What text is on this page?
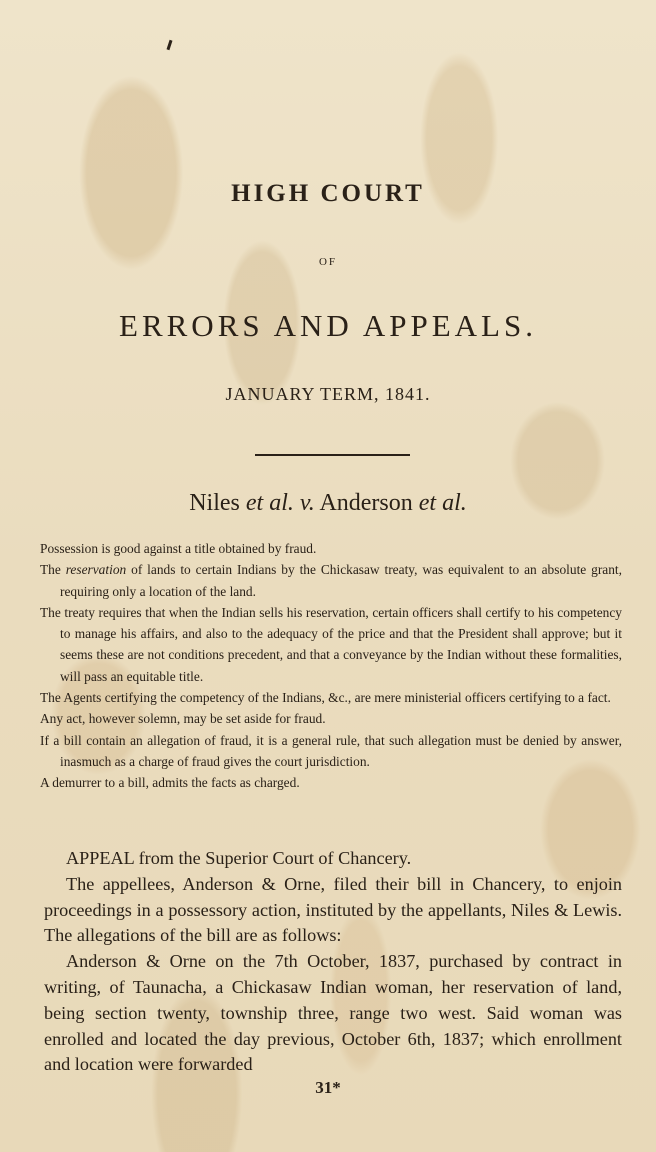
HIGH COURT
OF
ERRORS AND APPEALS.
JANUARY TERM, 1841.
Niles et al. v. Anderson et al.

Possession is good against a title obtained by fraud.

The reservation of lands to certain Indians by the Chickasaw treaty, was equivalent to an absolute grant, requiring only a location of the land.

The treaty requires that when the Indian sells his reservation, certain officers shall certify to his competency to manage his affairs, and also to the adequacy of the price and that the President shall approve; but it seems these are not conditions precedent, and that a conveyance by the Indian without these formalities, will pass an equitable title.

The Agents certifying the competency of the Indians, &c., are mere ministerial officers certifying to a fact.

Any act, however solemn, may be set aside for fraud.

If a bill contain an allegation of fraud, it is a general rule, that such allegation must be denied by answer, inasmuch as a charge of fraud gives the court jurisdiction.

A demurrer to a bill, admits the facts as charged.

APPEAL from the Superior Court of Chancery.

The appellees, Anderson & Orne, filed their bill in Chancery, to enjoin proceedings in a possessory action, instituted by the appellants, Niles & Lewis. The allegations of the bill are as follows:

Anderson & Orne on the 7th October, 1837, purchased by contract in writing, of Taunacha, a Chickasaw Indian woman, her reservation of land, being section twenty, township three, range two west. Said woman was enrolled and located the day previous, October 6th, 1837; which enrollment and location were forwarded

31*
